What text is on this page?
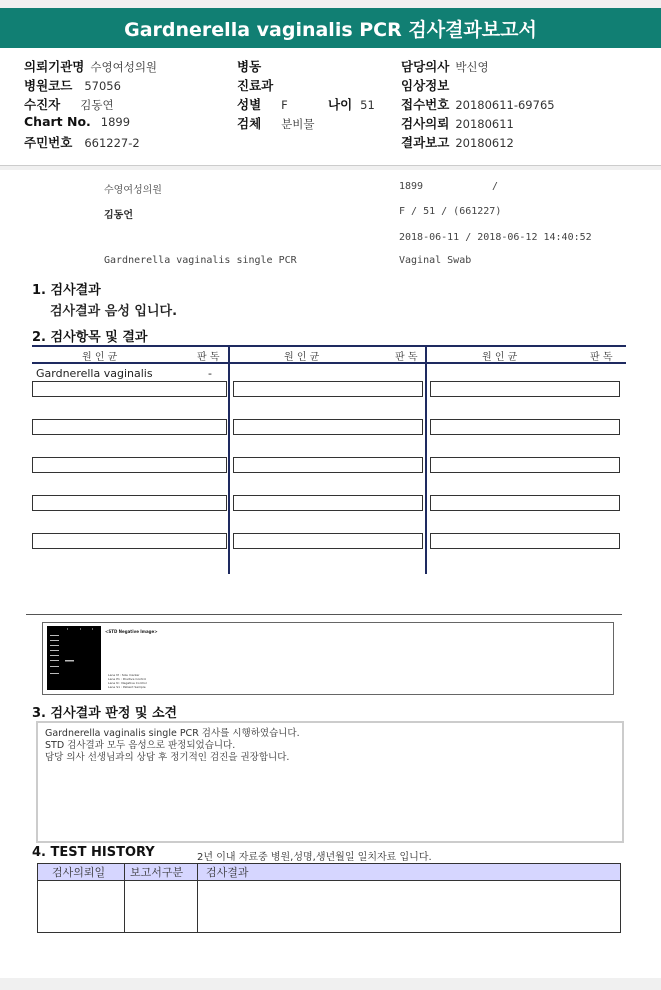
Gardnerella vaginalis PCR 검사결과보고서
의뢰기관명 수영여성의원
병원코드 57056
수진자 김동연
Chart No. 1899
주민번호 661227-2
병동
진료과
성별 F	나이 51
검체 분비물
담당의사 박신영
임상정보
접수번호 20180611-69765
검사의뢰 20180611
결과보고 20180612
수영여성의원	1899	/
김동언	F / 51 / (661227)
2018-06-11 / 2018-06-12 14:40:52
Gardnerella vaginalis single PCR	Vaginal Swab
1. 검사결과
검사결과 음성 입니다.
2. 검사항목 및 결과
원 인 균	판 독	원 인 균	판 독	원 인 균	판 독
Gardnerella vaginalis	-
<STD Negative Image>
Lane M : Size marker
Lane P1 : Positive Control
Lane N : Negative Control
Lane S1 : Patient Sample
3. 검사결과 판정 및 소견
Gardnerella vaginalis single PCR 검사를 시행하였습니다.
STD 검사결과 모두 음성으로 판정되었습니다.
담당 의사 선생님과의 상담 후 정기적인 검진을 권장합니다.
4. TEST HISTORY	2년 이내 자료중 병원,성명,생년월일 일치자료 입니다.
검사의뢰일 보고서구분 검사결과
